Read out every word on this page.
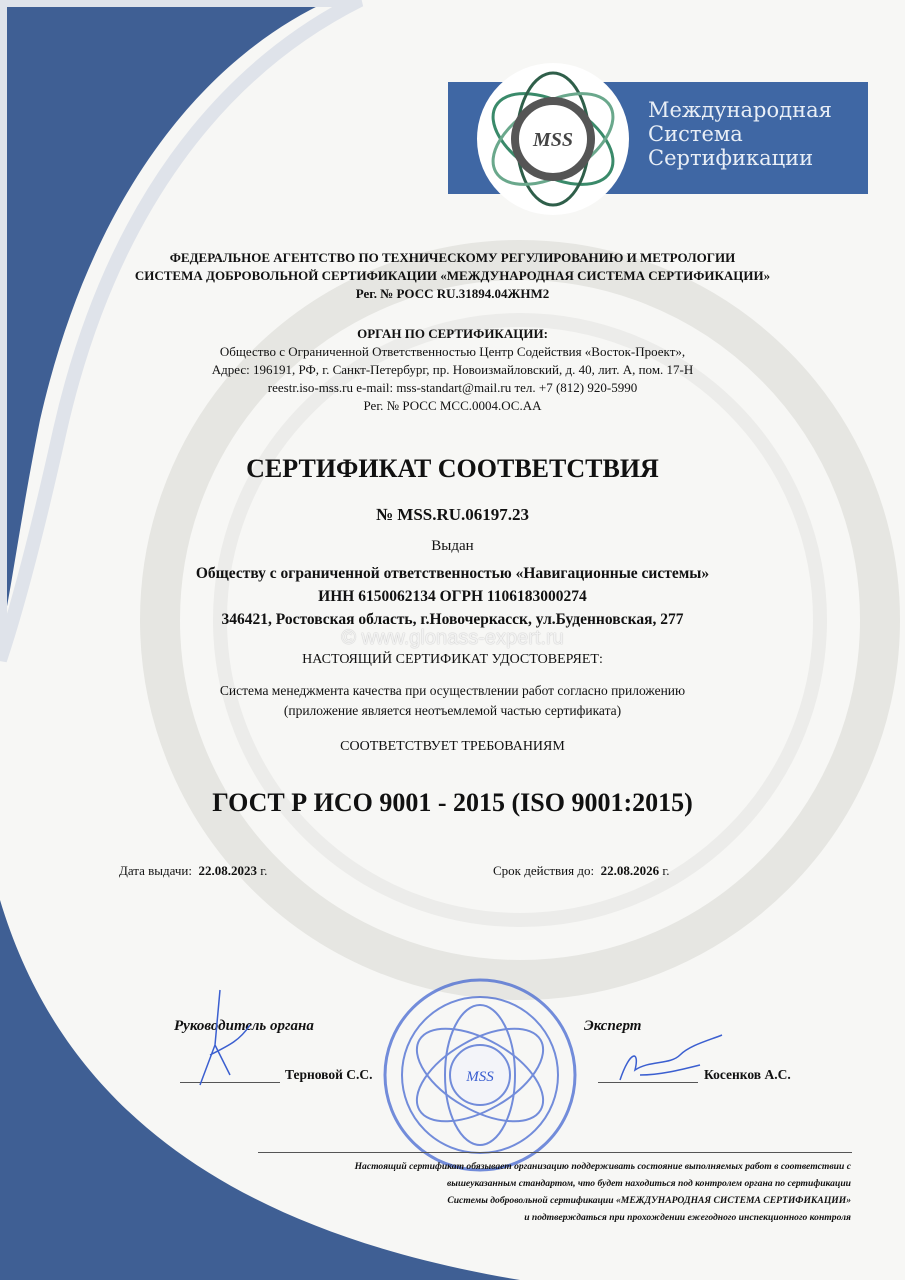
MSS
Международная
Система
Сертификации
ФЕДЕРАЛЬНОЕ АГЕНТСТВО ПО ТЕХНИЧЕСКОМУ РЕГУЛИРОВАНИЮ И МЕТРОЛОГИИ
СИСТЕМА ДОБРОВОЛЬНОЙ СЕРТИФИКАЦИИ «МЕЖДУНАРОДНАЯ СИСТЕМА СЕРТИФИКАЦИИ»
Рег. № РОСС RU.31894.04ЖНМ2
ОРГАН ПО СЕРТИФИКАЦИИ:
Общество с Ограниченной Ответственностью Центр Содействия «Восток-Проект»,
Адрес: 196191, РФ, г. Санкт-Петербург, пр. Новоизмайловский, д. 40, лит. А, пом. 17-Н
reestr.iso-mss.ru e-mail: mss-standart@mail.ru тел. +7 (812) 920-5990
Рег. № РОСС МСС.0004.ОС.АА
СЕРТИФИКАТ СООТВЕТСТВИЯ
№ MSS.RU.06197.23
Выдан
Обществу с ограниченной ответственностью «Навигационные системы»
ИНН 6150062134 ОГРН 1106183000274
346421, Ростовская область, г.Новочеркасск, ул.Буденновская, 277
© www.glonass-expert.ru
НАСТОЯЩИЙ СЕРТИФИКАТ УДОСТОВЕРЯЕТ:
Система менеджмента качества при осуществлении работ согласно приложению
(приложение является неотъемлемой частью сертификата)
СООТВЕТСТВУЕТ ТРЕБОВАНИЯМ
ГОСТ Р ИСО 9001 - 2015 (ISO 9001:2015)
Дата выдачи: 22.08.2023 г.	Срок действия до: 22.08.2026 г.
MSS
Руководитель органа
Терновой С.С.
Эксперт
Косенков А.С.
Настоящий сертификат обязывает организацию поддерживать состояние выполняемых работ в соответствии с
вышеуказанным стандартом, что будет находиться под контролем органа по сертификации
Системы добровольной сертификации «МЕЖДУНАРОДНАЯ СИСТЕМА СЕРТИФИКАЦИИ»
и подтверждаться при прохождении ежегодного инспекционного контроля
